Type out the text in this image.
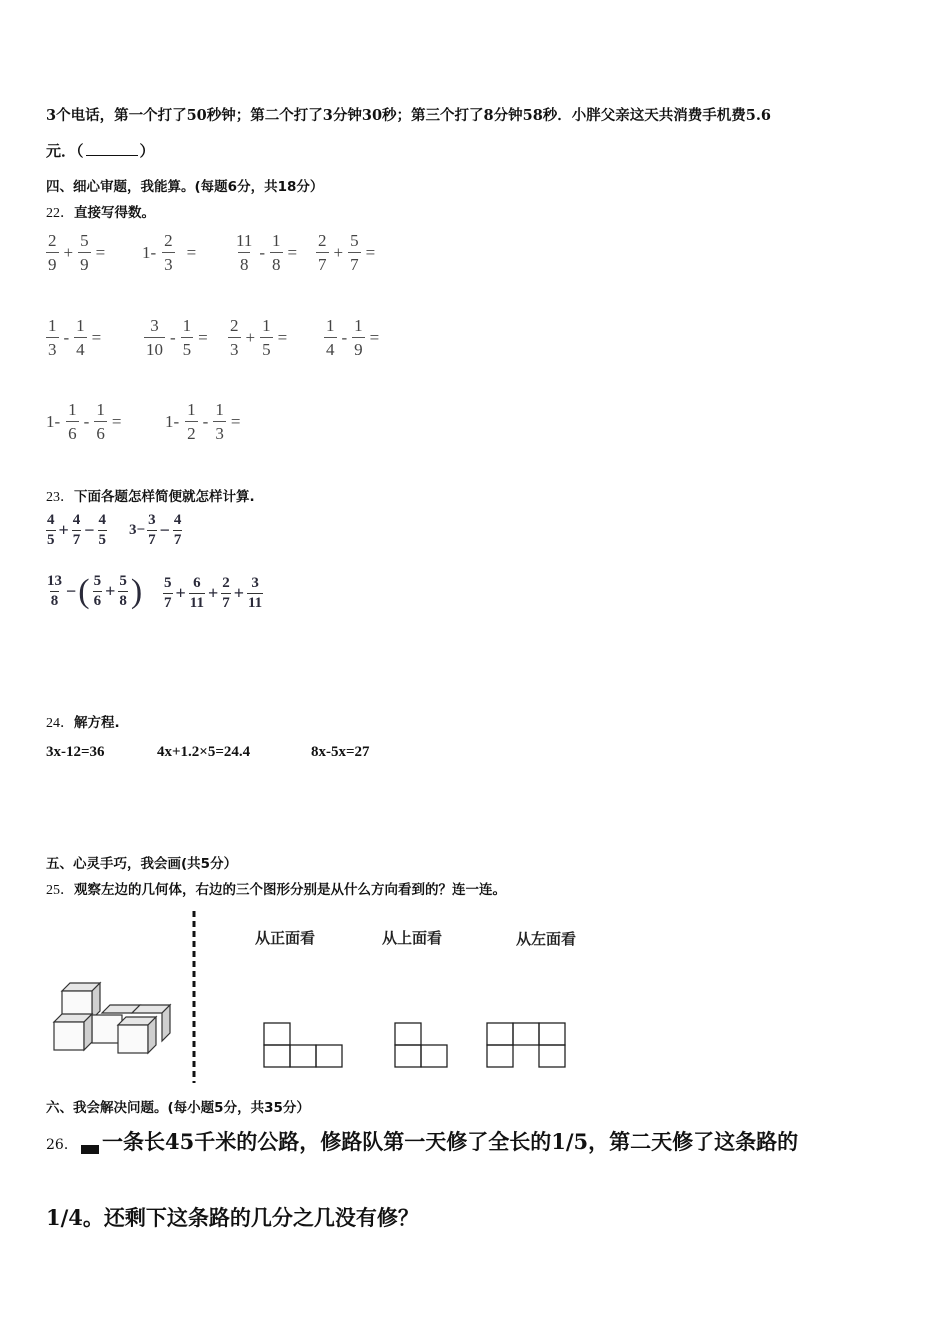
3个电话，第一个打了50秒钟；第二个打了3分钟30秒；第三个打了8分钟58秒．小胖父亲这天共消费手机费5.6
元．（	）
四、细心审题，我能算。(每题6分，共18分）
22．直接写得数。
2
9
+ $\frac{5}{9} = 1- \frac{2}{3}$ =
11
8
- $\frac{1}{8}$ =
2
7
+ $\frac{5}{7}$ =
1
3
- $\frac{1}{4}$ =
3
10
- $\frac{1}{5}$ =
2
3
+ $\frac{1}{5}$ =
1
4
- $\frac{1}{9}$ =
1-
1
6
- $\frac{1}{6}$ =	1-
1
2
- $\frac{1}{3}$ =
23．下面各题怎样简便就怎样计算.
4
$5 + \frac{4}{7} - \frac{4}{5} 3- \frac{3}{7} - \frac{4}{7}$
13
8 − ( 5
$6 + \frac{5}{8}$ ) 5
$7 + \frac{6}{11} + \frac{2}{7} + \frac{3}{11}$
24．解方程.
3x-12=36	4x+1.2×5=24.4	8x-5x=27
五、心灵手巧，我会画(共5分）
25．观察左边的几何体，右边的三个图形分别是从什么方向看到的？连一连。
从正面看	从上面看	从左面看
六、我会解决问题。(每小题5分，共35分）
26． 一条长45千米的公路，修路队第一天修了全长的1/5，第二天修了这条路的
1/4。还剩下这条路的几分之几没有修？
